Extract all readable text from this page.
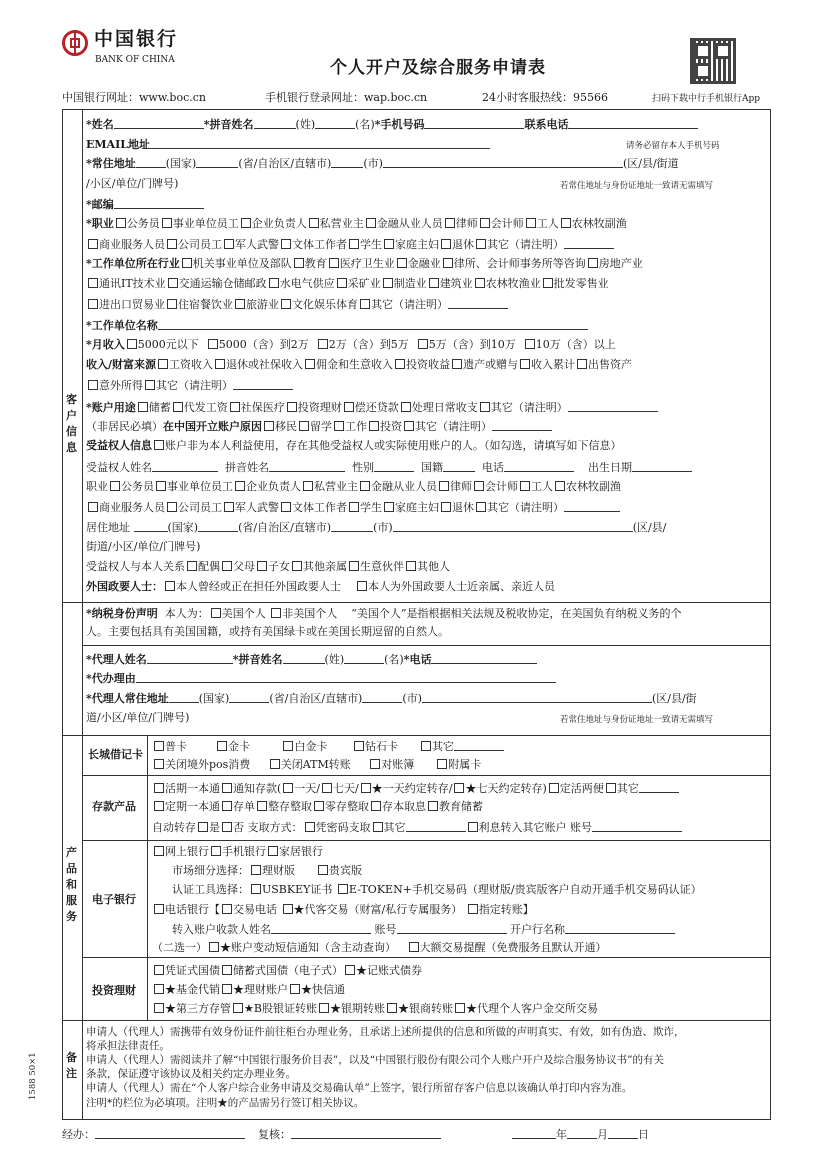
中国银行
BANK OF CHINA	个人开户及综合服务申请表
中国银行网址：www.boc.cn	手机银行登录网址：wap.boc.cn	24小时客服热线：95566	扫码下载中行手机银行App
客户信息
产品和服务
备注
1588 50×1
*姓名	*拼音姓名	(姓)	(名)*手机号码	联系电话
EMAIL地址	请务必留存本人手机号码
*常住地址	(国家)	(省/自治区/直辖市)	(市)	(区/县/街道
/小区/单位/门牌号)	若常住地址与身份证地址一致请无需填写
*邮编
*职业 公务员 事业单位员工 企业负责人 私营业主 金融从业人员 律师 会计师 工人 农林牧副渔
商业服务人员 公司员工 军人武警 文体工作者 学生 家庭主妇 退休 其它（请注明）
*工作单位所在行业 机关事业单位及部队 教育 医疗卫生业 金融业 律所、会计师事务所等咨询 房地产业
通讯IT技术业 交通运输仓储邮政 水电气供应 采矿业 制造业 建筑业 农林牧渔业 批发零售业
进出口贸易业 住宿餐饮业 旅游业 文化娱乐体育 其它（请注明）
*工作单位名称
*月收入 5000元以下 5000（含）到2万 2万（含）到5万 5万（含）到10万 10万（含）以上
收入/财富来源 工资收入 退休或社保收入 佣金和生意收入 投资收益 遗产或赠与 收入累计 出售资产
意外所得 其它（请注明）
*账户用途 储蓄 代发工资 社保医疗 投资理财 偿还贷款 处理日常收支 其它（请注明）
（非居民必填）在中国开立账户原因 移民 留学 工作 投资 其它（请注明）
受益权人信息 账户非为本人利益使用，存在其他受益权人或实际使用账户的人。（如勾选，请填写如下信息）
受益权人姓名	拼音姓名	性别	国籍	电话	出生日期
职业 公务员 事业单位员工 企业负责人 私营业主 金融从业人员 律师 会计师 工人 农林牧副渔
商业服务人员 公司员工 军人武警 文体工作者 学生 家庭主妇 退休 其它（请注明）
居住地址	(国家)	(省/自治区/直辖市)	(市)	(区/县/
街道/小区/单位/门牌号)
受益权人与本人关系 配偶 父母 子女 其他亲属 生意伙伴 其他人
外国政要人士： 本人曾经或正在担任外国政要人士 本人为外国政要人士近亲属、亲近人员
*纳税身份声明 本人为： 美国个人 非美国个人 “美国个人”是指根据相关法规及税收协定，在美国负有纳税义务的个
人。主要包括具有美国国籍，或持有美国绿卡或在美国长期逗留的自然人。
*代理人姓名	*拼音姓名	(姓)	(名)*电话
*代办理由
*代理人常住地址	(国家)	(省/自治区/直辖市)	(市)	(区/县/街
道/小区/单位/门牌号)	若常住地址与身份证地址一致请无需填写
长城借记卡
普卡	金卡	白金卡	钻石卡	其它
关闭境外pos消费	关闭ATM转账	对账簿	附属卡
存款产品
活期一本通 通知存款( 一天/ 七天/ ★一天约定转存/ ★七天约定转存) 定活两便 其它
定期一本通 存单 整存整取 零存整取 存本取息 教育储蓄
自动转存 是 否 支取方式： 凭密码支取 其它	利息转入其它账户 账号
电子银行
网上银行 手机银行 家居银行
市场细分选择： 理财版	贵宾版
认证工具选择： USBKEY证书 E-TOKEN+手机交易码（理财版/贵宾版客户自动开通手机交易码认证）
电话银行【 交易电话 ★代客交易（财富/私行专属服务） 指定转账】
转入账户收款人姓名	账号	开户行名称
（二选一） ★账户变动短信通知（含主动查询） 大额交易提醒（免费服务且默认开通）
投资理财
凭证式国债 储蓄式国债（电子式） ★记账式债券
★基金代销 ★理财账户 ★快信通
★第三方存管 ★B股银证转账 ★银期转账 ★银商转账 ★代理个人客户金交所交易
申请人（代理人）需携带有效身份证件前往柜台办理业务，且承诺上述所提供的信息和所做的声明真实、有效，如有伪造、欺诈，
将承担法律责任。
申请人（代理人）需阅读并了解“中国银行服务价目表”，以及“中国银行股份有限公司个人账户开户及综合服务协议书”的有关
条款，保证遵守该协议及相关约定办理业务。
申请人（代理人）需在“个人客户综合业务申请及交易确认单”上签字，银行所留存客户信息以该确认单打印内容为准。
注明*的栏位为必填项。注明★的产品需另行签订相关协议。
经办：	复核：	年	月	日
